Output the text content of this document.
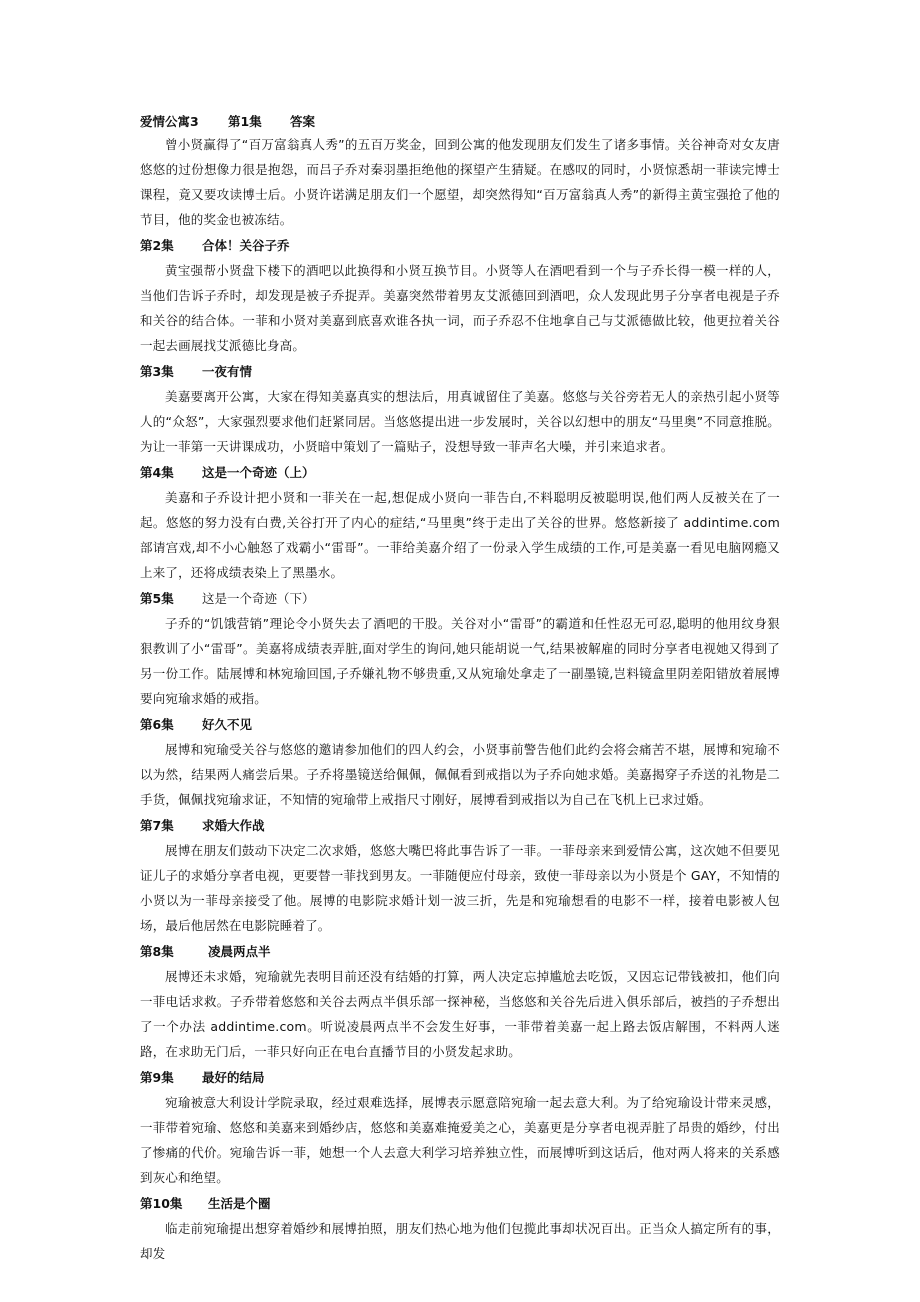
爱情公寓3 第1集 答案

曾小贤赢得了“百万富翁真人秀”的五百万奖金，回到公寓的他发现朋友们发生了诸多事情。关谷神奇对女友唐悠悠的过份想像力很是抱怨，而吕子乔对秦羽墨拒绝他的探望产生猜疑。在感叹的同时，小贤惊悉胡一菲读完博士课程，竟又要攻读博士后。小贤许诺满足朋友们一个愿望，却突然得知“百万富翁真人秀”的新得主黄宝强抢了他的节目，他的奖金也被冻结。

第2集 合体！关谷子乔

黄宝强帮小贤盘下楼下的酒吧以此换得和小贤互换节目。小贤等人在酒吧看到一个与子乔长得一模一样的人，当他们告诉子乔时，却发现是被子乔捉弄。美嘉突然带着男友艾派德回到酒吧，众人发现此男子分享者电视是子乔和关谷的结合体。一菲和小贤对美嘉到底喜欢谁各执一词，而子乔忍不住地拿自己与艾派德做比较，他更拉着关谷一起去画展找艾派德比身高。

第3集 一夜有情

美嘉要离开公寓，大家在得知美嘉真实的想法后，用真诚留住了美嘉。悠悠与关谷旁若无人的亲热引起小贤等人的“众怒”，大家强烈要求他们赶紧同居。当悠悠提出进一步发展时，关谷以幻想中的朋友“马里奥”不同意推脱。为让一菲第一天讲课成功，小贤暗中策划了一篇贴子，没想导致一菲声名大噪，并引来追求者。

第4集 这是一个奇迹（上）

美嘉和子乔设计把小贤和一菲关在一起,想促成小贤向一菲告白,不料聪明反被聪明误,他们两人反被关在了一起。悠悠的努力没有白费,关谷打开了内心的症结,“马里奥”终于走出了关谷的世界。悠悠新接了 addintime.com 部请宫戏,却不小心触怒了戏霸小“雷哥”。一菲给美嘉介绍了一份录入学生成绩的工作,可是美嘉一看见电脑网瘾又上来了，还将成绩表染上了黑墨水。

第5集 这是一个奇迹（下）

子乔的“饥饿营销”理论令小贤失去了酒吧的干股。关谷对小“雷哥”的霸道和任性忍无可忍,聪明的他用纹身狠狠教训了小“雷哥”。美嘉将成绩表弄脏,面对学生的询问,她只能胡说一气,结果被解雇的同时分享者电视她又得到了另一份工作。陆展博和林宛瑜回国,子乔嫌礼物不够贵重,又从宛瑜处拿走了一副墨镜,岂料镜盒里阴差阳错放着展博要向宛瑜求婚的戒指。

第6集 好久不见

展博和宛瑜受关谷与悠悠的邀请参加他们的四人约会，小贤事前警告他们此约会将会痛苦不堪，展博和宛瑜不以为然，结果两人痛尝后果。子乔将墨镜送给佩佩，佩佩看到戒指以为子乔向她求婚。美嘉揭穿子乔送的礼物是二手货，佩佩找宛瑜求证，不知情的宛瑜带上戒指尺寸刚好，展博看到戒指以为自己在飞机上已求过婚。

第7集 求婚大作战

展博在朋友们鼓动下决定二次求婚，悠悠大嘴巴将此事告诉了一菲。一菲母亲来到爱情公寓，这次她不但要见证儿子的求婚分享者电视，更要替一菲找到男友。一菲随便应付母亲，致使一菲母亲以为小贤是个 GAY，不知情的小贤以为一菲母亲接受了他。展博的电影院求婚计划一波三折，先是和宛瑜想看的电影不一样，接着电影被人包场，最后他居然在电影院睡着了。

第8集	凌晨两点半

展博还未求婚，宛瑜就先表明目前还没有结婚的打算，两人决定忘掉尴尬去吃饭，又因忘记带钱被扣，他们向一菲电话求救。子乔带着悠悠和关谷去两点半俱乐部一探神秘，当悠悠和关谷先后进入俱乐部后，被挡的子乔想出了一个办法 addintime.com。听说凌晨两点半不会发生好事，一菲带着美嘉一起上路去饭店解围，不料两人迷路，在求助无门后，一菲只好向正在电台直播节目的小贤发起求助。

第9集 最好的结局

宛瑜被意大利设计学院录取，经过艰难选择，展博表示愿意陪宛瑜一起去意大利。为了给宛瑜设计带来灵感，一菲带着宛瑜、悠悠和美嘉来到婚纱店，悠悠和美嘉难掩爱美之心，美嘉更是分享者电视弄脏了昂贵的婚纱，付出了惨痛的代价。宛瑜告诉一菲，她想一个人去意大利学习培养独立性，而展博听到这话后，他对两人将来的关系感到灰心和绝望。

第10集 生活是个圈

临走前宛瑜提出想穿着婚纱和展博拍照，朋友们热心地为他们包揽此事却状况百出。正当众人搞定所有的事，却发
